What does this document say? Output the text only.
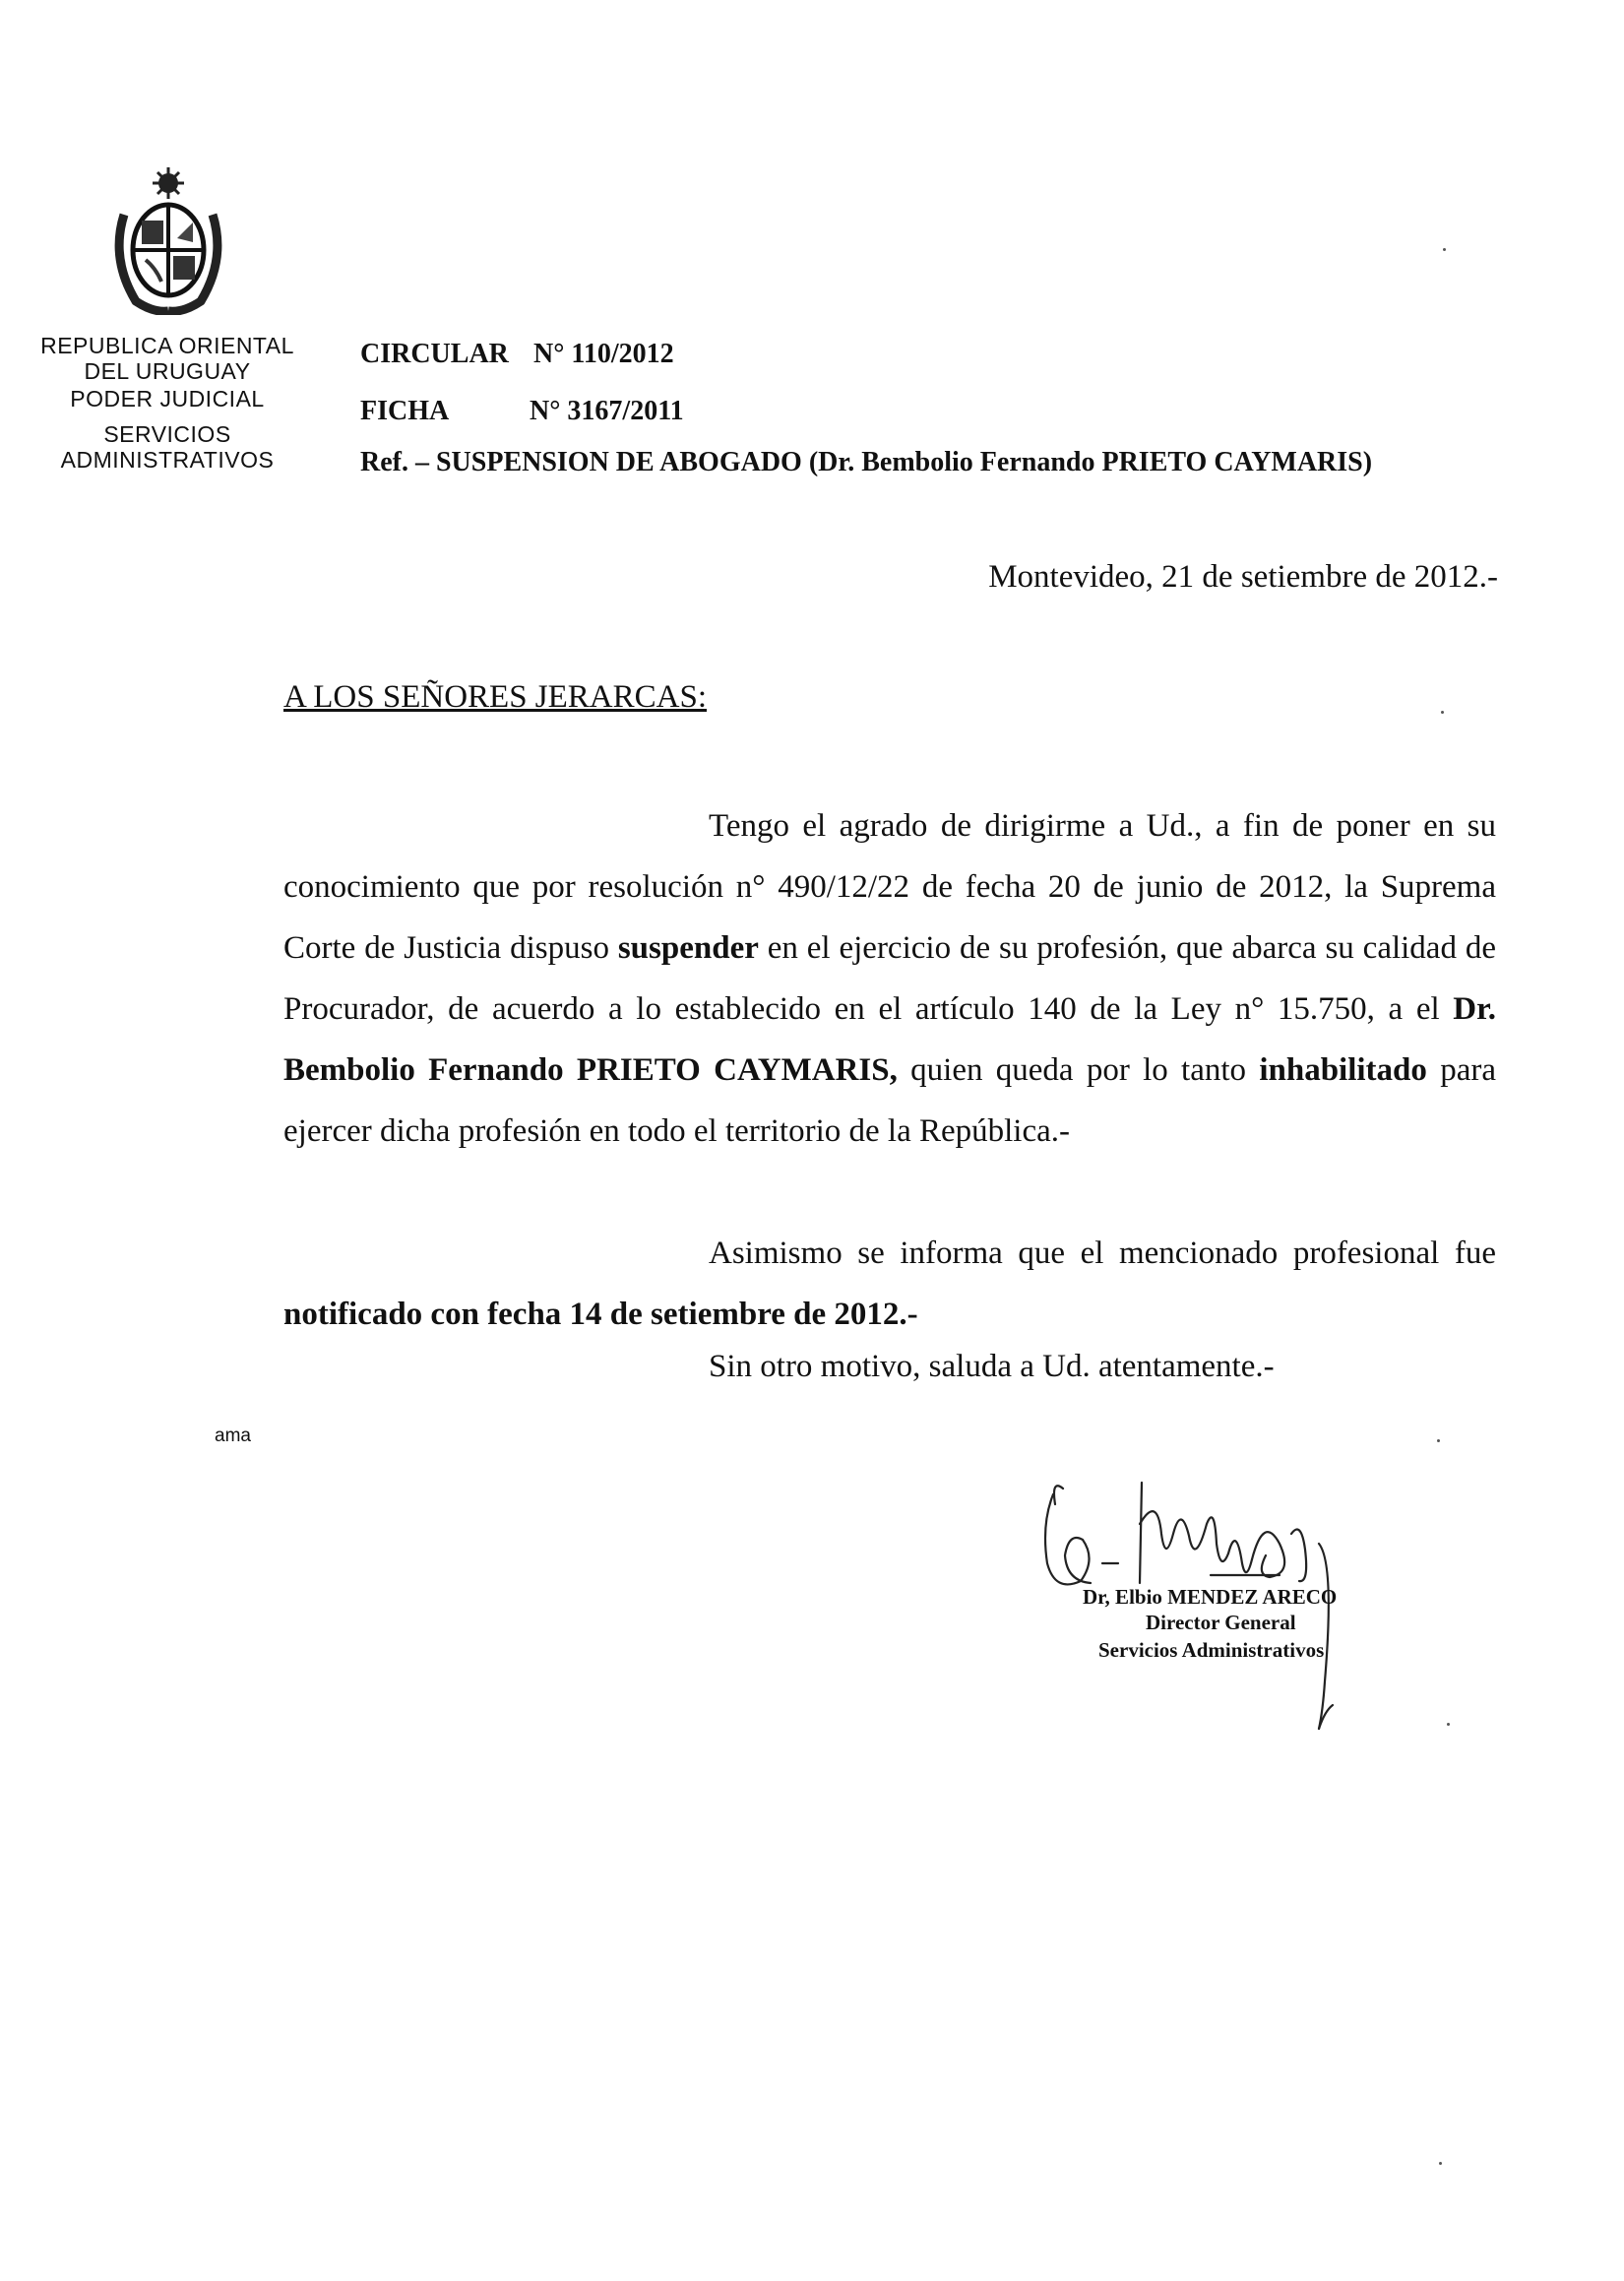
REPUBLICA ORIENTAL
DEL URUGUAY
PODER JUDICIAL
SERVICIOS
ADMINISTRATIVOS
CIRCULAR N° 110/2012
FICHA	N° 3167/2011
Ref. – SUSPENSION DE ABOGADO (Dr. Bembolio Fernando PRIETO CAYMARIS)
Montevideo, 21 de setiembre de 2012.-
A LOS SEÑORES JERARCAS:
Tengo el agrado de dirigirme a Ud., a fin de poner en su conocimiento que por resolución n° 490/12/22 de fecha 20 de junio de 2012, la Suprema Corte de Justicia dispuso suspender en el ejercicio de su profesión, que abarca su calidad de Procurador, de acuerdo a lo establecido en el artículo 140 de la Ley n° 15.750, a el Dr. Bembolio Fernando PRIETO CAYMARIS, quien queda por lo tanto inhabilitado para ejercer dicha profesión en todo el territorio de la República.-
Asimismo se informa que el mencionado profesional fue notificado con fecha 14 de setiembre de 2012.-
Sin otro motivo, saluda a Ud. atentamente.-
ama
Dr, Elbio MENDEZ ARECO
Director General
Servicios Administrativos
